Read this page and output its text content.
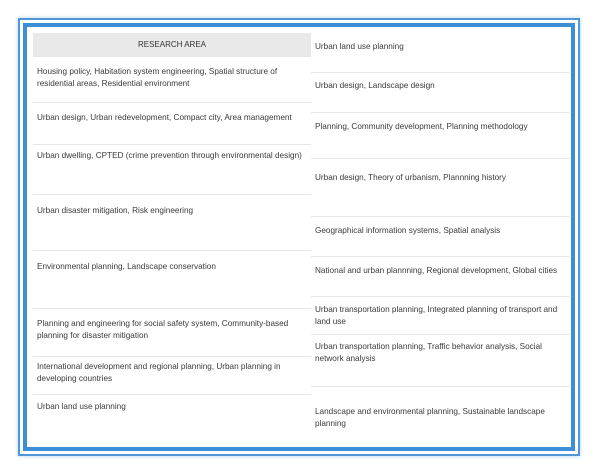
RESEARCH AREA
Housing policy, Habitation system engineering, Spatial structure of residential areas, Residential environment
Urban design, Urban redevelopment, Compact city, Area management
Urban dwelling, CPTED (crime prevention through environmental design)
Urban disaster mitigation, Risk engineering
Environmental planning, Landscape conservation
Planning and engineering for social safety system, Community-based     planning for disaster mitigation
International development and regional planning, Urban planning in developing countries
Urban land use planning
Urban land use planning
Urban design, Landscape design
Planning, Community development, Planning methodology
Urban design, Theory of urbanism, Plannning history
Geographical information systems, Spatial analysis
National and urban plannning, Regional development, Global cities
Urban transportation planning, Integrated planning of transport and land use
Urban transportation planning, Traffic behavior analysis, Social network analysis
Landscape and environmental planning, Sustainable landscape planning
